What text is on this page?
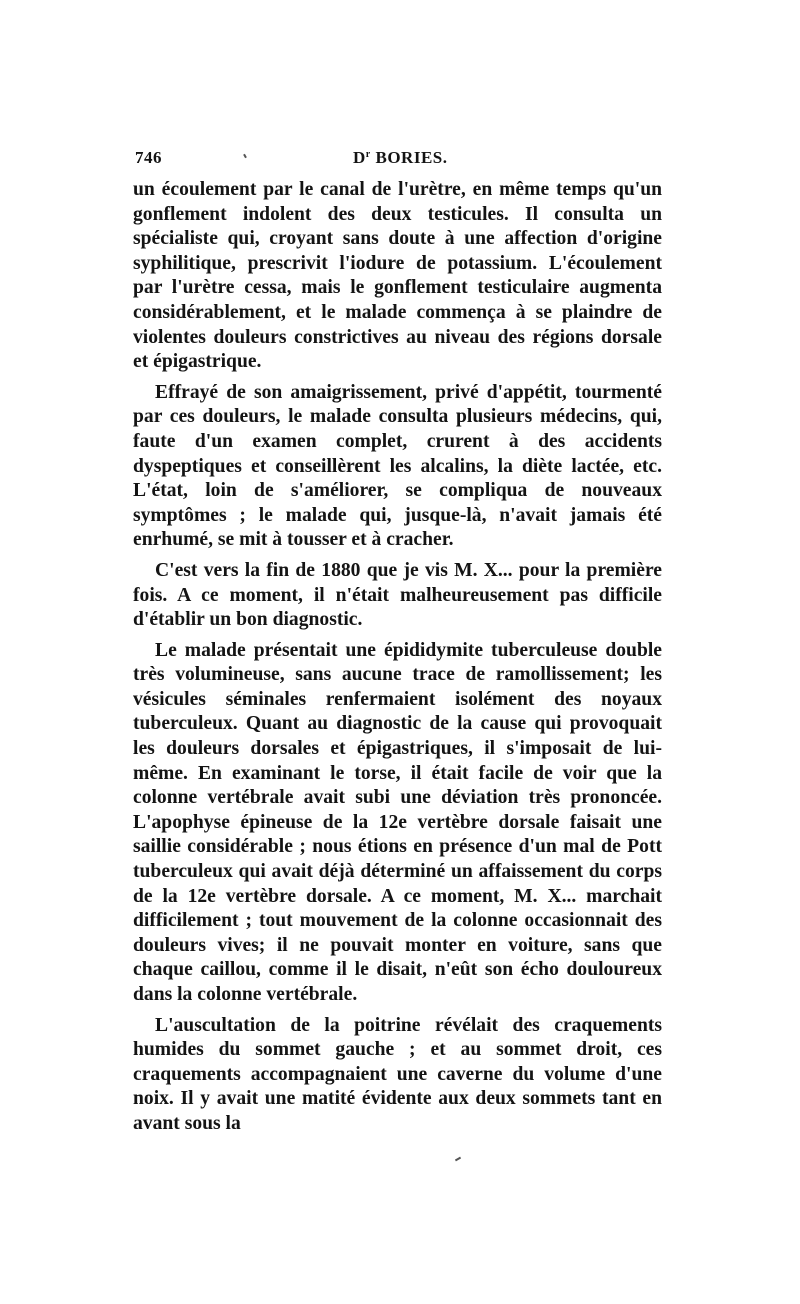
746	$D^r$ BORIES.

un écoulement par le canal de l'urètre, en même temps qu'un gonflement indolent des deux testicules. Il consulta un spécialiste qui, croyant sans doute à une affection d'origine syphilitique, prescrivit l'iodure de potassium. L'écoulement par l'urètre cessa, mais le gonflement testiculaire augmenta considérablement, et le malade commença à se plaindre de violentes douleurs constrictives au niveau des régions dorsale et épigastrique.

Effrayé de son amaigrissement, privé d'appétit, tourmenté par ces douleurs, le malade consulta plusieurs médecins, qui, faute d'un examen complet, crurent à des accidents dyspeptiques et conseillèrent les alcalins, la diète lactée, etc. L'état, loin de s'améliorer, se compliqua de nouveaux symptômes ; le malade qui, jusque-là, n'avait jamais été enrhumé, se mit à tousser et à cracher.

C'est vers la fin de 1880 que je vis M. X... pour la première fois. A ce moment, il n'était malheureusement pas difficile d'établir un bon diagnostic.

Le malade présentait une épididymite tuberculeuse double très volumineuse, sans aucune trace de ramollissement; les vésicules séminales renfermaient isolément des noyaux tuberculeux. Quant au diagnostic de la cause qui provoquait les douleurs dorsales et épigastriques, il s'imposait de lui-même. En examinant le torse, il était facile de voir que la colonne vertébrale avait subi une déviation très prononcée. L'apophyse épineuse de la 12e vertèbre dorsale faisait une saillie considérable ; nous étions en présence d'un mal de Pott tuberculeux qui avait déjà déterminé un affaissement du corps de la 12e vertèbre dorsale. A ce moment, M. X... marchait difficilement ; tout mouvement de la colonne occasionnait des douleurs vives; il ne pouvait monter en voiture, sans que chaque caillou, comme il le disait, n'eût son écho douloureux dans la colonne vertébrale.

L'auscultation de la poitrine révélait des craquements humides du sommet gauche ; et au sommet droit, ces craquements accompagnaient une caverne du volume d'une noix. Il y avait une matité évidente aux deux sommets tant en avant sous la
